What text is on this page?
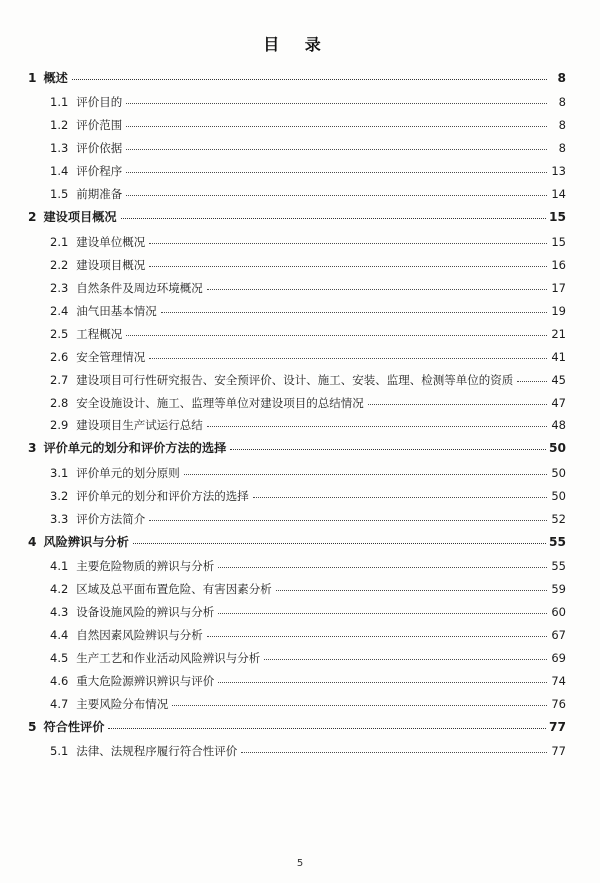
目 录
1 概述	8
1.1 评价目的	8
1.2 评价范围	8
1.3 评价依据	8
1.4 评价程序	13
1.5 前期准备	14
2 建设项目概况	15
2.1 建设单位概况	15
2.2 建设项目概况	16
2.3 自然条件及周边环境概况	17
2.4 油气田基本情况	19
2.5 工程概况	21
2.6 安全管理情况	41
2.7 建设项目可行性研究报告、安全预评价、设计、施工、安装、监理、检测等单位的资质	45
2.8 安全设施设计、施工、监理等单位对建设项目的总结情况	47
2.9 建设项目生产试运行总结	48
3 评价单元的划分和评价方法的选择	50
3.1 评价单元的划分原则	50
3.2 评价单元的划分和评价方法的选择	50
3.3 评价方法简介	52
4 风险辨识与分析	55
4.1 主要危险物质的辨识与分析	55
4.2 区域及总平面布置危险、有害因素分析	59
4.3 设备设施风险的辨识与分析	60
4.4 自然因素风险辨识与分析	67
4.5 生产工艺和作业活动风险辨识与分析	69
4.6 重大危险源辨识辨识与评价	74
4.7 主要风险分布情况	76
5 符合性评价	77
5.1 法律、法规程序履行符合性评价	77
5
